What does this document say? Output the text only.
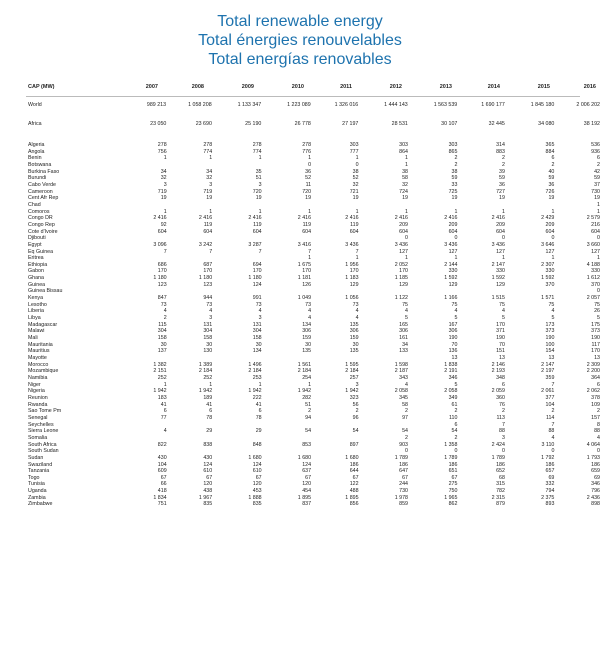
Total renewable energy
Total énergies renouvelables
Total energías renovables
CAP (MW)	2007	2008	2009	2010	2011	2012	2013	2014	2015	2016
World	989 213	1 058 208	1 133 347	1 223 089	1 326 016	1 444 143	1 563 539	1 690 177	1 845 180	2 006 202
Africa	23 050	23 690	25 190	26 778	27 197	28 531	30 107	32 445	34 080	38 192
Algeria	278	278	278	278	303	303	303	314	365	536
Angola	756	774	774	776	777	864	865	883	884	936
Benin	1	1	1	1	1	1	2	2	6	6
Botswana				0	0	1	2	2	2	2
Burkina Faso	34	34	35	36	38	38	38	39	40	42
Burundi	32	32	51	52	52	58	59	59	59	59
Cabo Verde	3	3	3	11	32	32	33	36	36	37
Cameroon	719	719	720	720	721	724	725	727	726	730
Cent Afr Rep	19	19	19	19	19	19	19	19	19	19
Chad										1
Comoros	1	1	1	1	1	1	1	1	1	1
Congo DR	2 416	2 416	2 416	2 416	2 416	2 416	2 416	2 416	2 429	2 579
Congo Rep	92	119	119	119	119	209	209	209	209	216
Cote d'Ivoire	604	604	604	604	604	604	604	604	604	604
Djibouti						0	0	0	0	0
Egypt	3 096	3 242	3 287	3 416	3 436	3 436	3 436	3 436	3 646	3 660
Eq Guinea	7	7	7	7	7	127	127	127	127	127
Eritrea				1	1	1	1	1	1	1
Ethiopia	686	687	694	1 675	1 956	2 052	2 144	2 147	2 307	4 188
Gabon	170	170	170	170	170	170	330	330	330	330
Ghana	1 180	1 180	1 180	1 181	1 183	1 185	1 592	1 592	1 592	1 612
Guinea	123	123	124	126	129	129	129	129	370	370
Guinea Bissau										0
Kenya	847	944	991	1 049	1 056	1 122	1 166	1 515	1 571	2 057
Lesotho	73	73	73	73	73	75	75	75	75	75
Liberia	4	4	4	4	4	4	4	4	4	26
Libya	2	3	3	4	4	5	5	5	5	5
Madagascar	115	131	131	134	135	165	167	170	173	175
Malawi	304	304	304	306	306	306	306	371	373	373
Mali	158	158	158	159	159	161	190	190	190	190
Mauritania	30	30	30	30	30	34	70	70	100	117
Mauritius	137	130	134	135	135	133	136	151	154	170
Mayotte							13	13	13	13
Morocco	1 382	1 389	1 496	1 561	1 595	1 598	1 838	2 146	2 147	2 309
Mozambique	2 151	2 184	2 184	2 184	2 184	2 187	2 191	2 193	2 197	2 200
Namibia	252	252	253	254	257	343	346	348	359	364
Niger	1	1	1	1	3	4	5	6	7	6
Nigeria	1 942	1 942	1 942	1 942	1 942	2 058	2 058	2 059	2 061	2 062
Reunion	183	189	222	282	323	345	349	360	377	378
Rwanda	41	41	41	51	56	58	61	76	104	109
Sao Tome Pm	6	6	6	2	2	2	2	2	2	2
Senegal	77	78	78	94	96	97	110	113	114	157
Seychelles							6	7	7	8
Sierra Leone	4	29	29	54	54	54	54	88	88	88
Somalia						2	2	3	4	4
South Africa	822	838	848	853	897	903	1 358	2 424	3 110	4 064
South Sudan						0	0	0	0	0
Sudan	430	430	1 680	1 680	1 680	1 789	1 789	1 789	1 792	1 793
Swaziland	104	124	124	124	186	186	186	186	186	186
Tanzania	609	610	610	637	644	647	651	652	657	659
Togo	67	67	67	67	67	67	67	68	69	69
Tunisia	66	120	120	120	122	244	275	315	332	346
Uganda	418	438	453	454	488	730	750	782	794	796
Zambia	1 834	1 967	1 888	1 895	1 895	1 978	1 965	2 315	2 375	2 436
Zimbabwe	751	835	835	837	856	859	862	879	893	898
